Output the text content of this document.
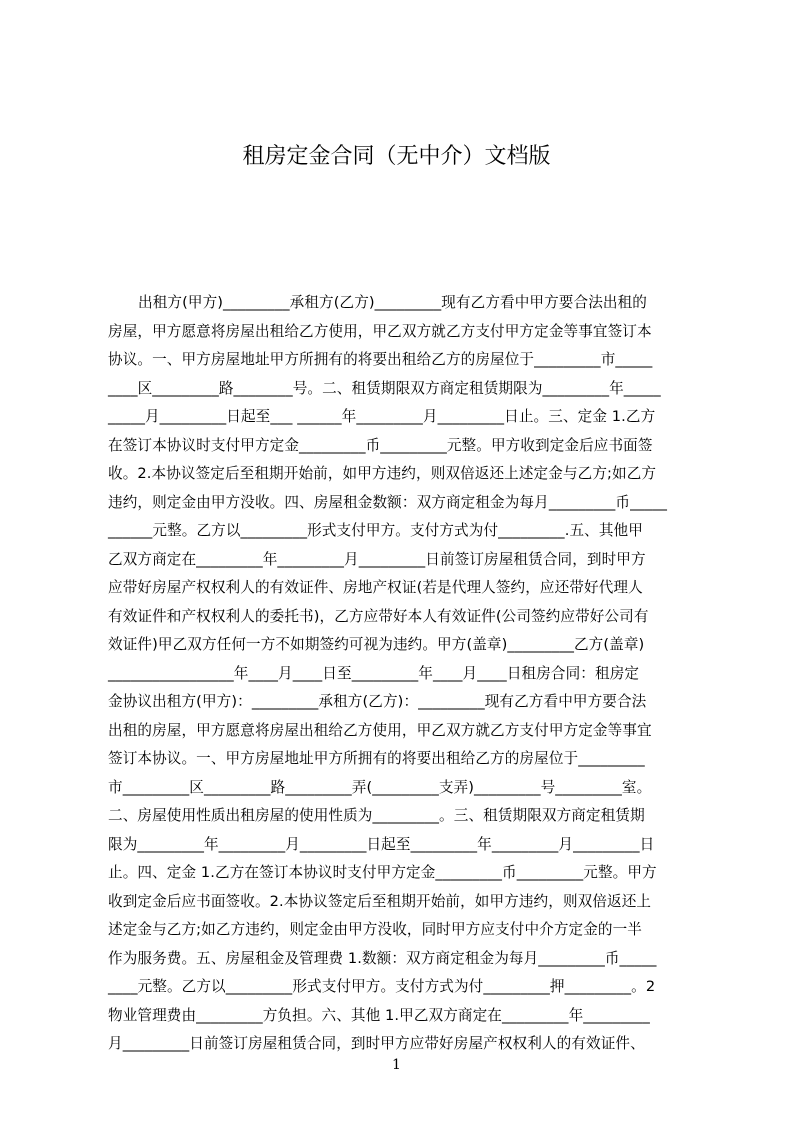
租房定金合同（无中介）文档版
出租方(甲方)_________承租方(乙方)_________现有乙方看中甲方要合法出租的
房屋，甲方愿意将房屋出租给乙方使用，甲乙双方就乙方支付甲方定金等事宜签订本
协议。一、甲方房屋地址甲方所拥有的将要出租给乙方的房屋位于_________市_____
____区_________路________号。二、租赁期限双方商定租赁期限为_________年_____
_____月_________日起至___ ______年_________月_________日止。三、定金 1.乙方
在签订本协议时支付甲方定金_________币_________元整。甲方收到定金后应书面签
收。2.本协议签定后至租期开始前，如甲方违约，则双倍返还上述定金与乙方;如乙方
违约，则定金由甲方没收。四、房屋租金数额：双方商定租金为每月_________币_____
______元整。乙方以_________形式支付甲方。支付方式为付_________.五、其他甲
乙双方商定在_________年_________月_________日前签订房屋租赁合同，到时甲方
应带好房屋产权权利人的有效证件、房地产权证(若是代理人签约，应还带好代理人
有效证件和产权权利人的委托书)，乙方应带好本人有效证件(公司签约应带好公司有
效证件)甲乙双方任何一方不如期签约可视为违约。甲方(盖章)_________乙方(盖章)
_________________年____月____日至_________年____月____日租房合同：租房定
金协议出租方(甲方)：_________承租方(乙方)：_________现有乙方看中甲方要合法
出租的房屋，甲方愿意将房屋出租给乙方使用，甲乙双方就乙方支付甲方定金等事宜
签订本协议。一、甲方房屋地址甲方所拥有的将要出租给乙方的房屋位于_________
市_________区_________路_________弄(_________支弄)_________号_________室。
二、房屋使用性质出租房屋的使用性质为_________。三、租赁期限双方商定租赁期
限为_________年_________月_________日起至_________年_________月_________日
止。四、定金 1.乙方在签订本协议时支付甲方定金_________币_________元整。甲方
收到定金后应书面签收。2.本协议签定后至租期开始前，如甲方违约，则双倍返还上
述定金与乙方;如乙方违约，则定金由甲方没收，同时甲方应支付中介方定金的一半
作为服务费。五、房屋租金及管理费 1.数额：双方商定租金为每月_________币_____
____元整。乙方以_________形式支付甲方。支付方式为付_________押_________。2
物业管理费由_________方负担。六、其他 1.甲乙双方商定在_________年_________
月_________日前签订房屋租赁合同，到时甲方应带好房屋产权权利人的有效证件、
1
